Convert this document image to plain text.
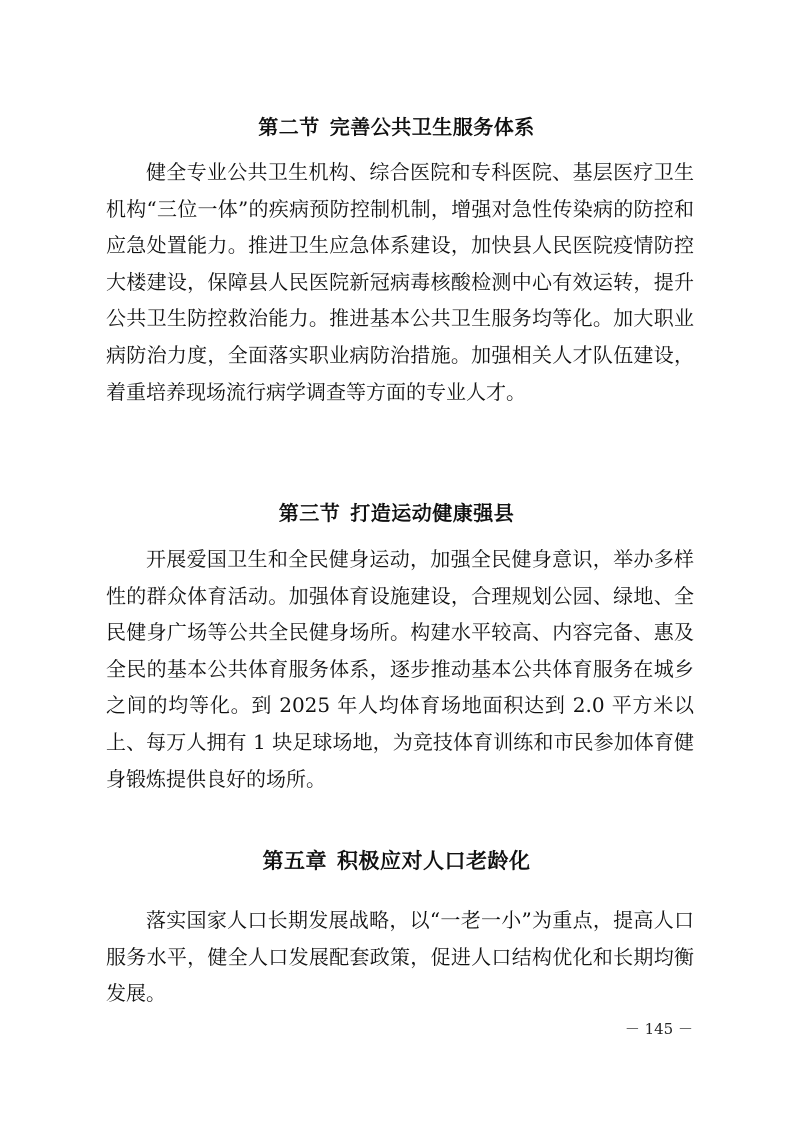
第二节 完善公共卫生服务体系

健全专业公共卫生机构、综合医院和专科医院、基层医疗卫生机构“三位一体”的疾病预防控制机制，增强对急性传染病的防控和应急处置能力。推进卫生应急体系建设，加快县人民医院疫情防控大楼建设，保障县人民医院新冠病毒核酸检测中心有效运转，提升公共卫生防控救治能力。推进基本公共卫生服务均等化。加大职业病防治力度，全面落实职业病防治措施。加强相关人才队伍建设，着重培养现场流行病学调查等方面的专业人才。

第三节 打造运动健康强县

开展爱国卫生和全民健身运动，加强全民健身意识，举办多样性的群众体育活动。加强体育设施建设，合理规划公园、绿地、全民健身广场等公共全民健身场所。构建水平较高、内容完备、惠及全民的基本公共体育服务体系，逐步推动基本公共体育服务在城乡之间的均等化。到 2025 年人均体育场地面积达到 2.0 平方米以上、每万人拥有 1 块足球场地，为竞技体育训练和市民参加体育健身锻炼提供良好的场所。

第五章 积极应对人口老龄化

落实国家人口长期发展战略，以“一老一小”为重点，提高人口服务水平，健全人口发展配套政策，促进人口结构优化和长期均衡发展。

－ 145 －
